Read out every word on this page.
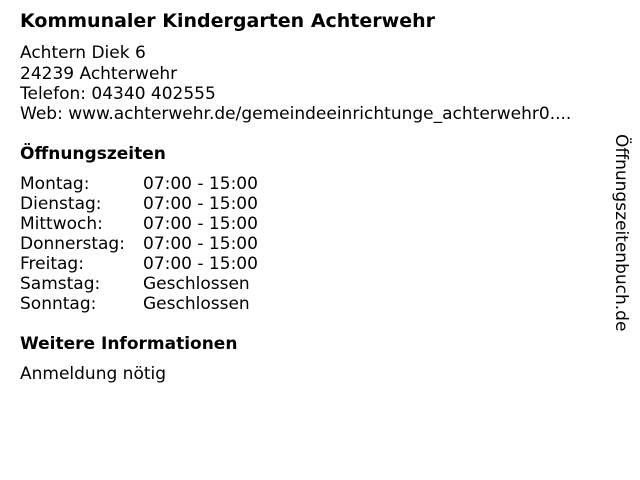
Kommunaler Kindergarten Achterwehr
Achtern Diek 6
24239 Achterwehr
Telefon: 04340 402555
Web: www.achterwehr.de/gemeindeeinrichtunge_achterwehr0....
Öffnungszeiten
Montag:	07:00 - 15:00
Dienstag: 07:00 - 15:00
Mittwoch: 07:00 - 15:00
Donnerstag: 07:00 - 15:00
Freitag:	07:00 - 15:00
Samstag:	Geschlossen
Sonntag:	Geschlossen
Weitere Informationen
Anmeldung nötig
Öffnungszeitenbuch.de
